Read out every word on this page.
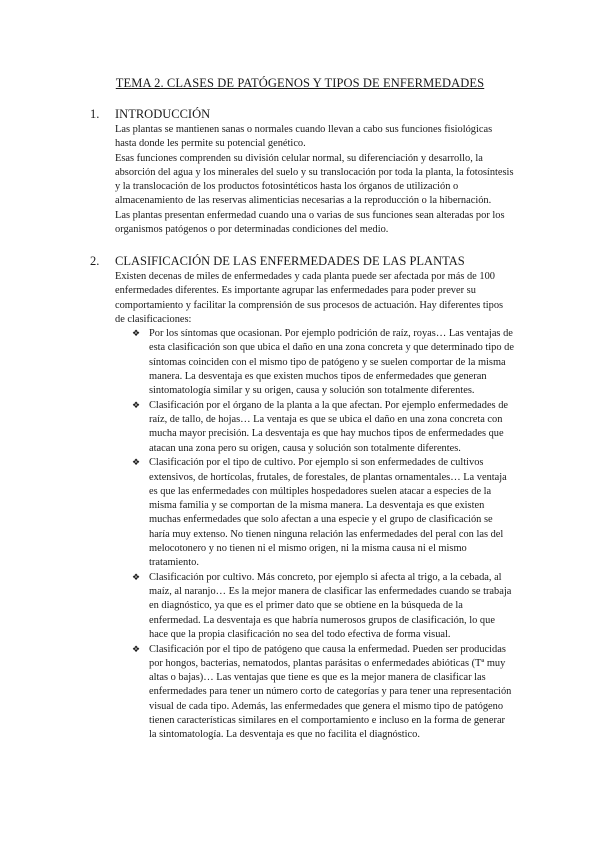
TEMA 2. CLASES DE PATÓGENOS Y TIPOS DE ENFERMEDADES
1.	INTRODUCCIÓN

Las plantas se mantienen sanas o normales cuando llevan a cabo sus funciones fisiológicas hasta donde les permite su potencial genético.

Esas funciones comprenden su división celular normal, su diferenciación y desarrollo, la absorción del agua y los minerales del suelo y su translocación por toda la planta, la fotosíntesis y la translocación de los productos fotosintéticos hasta los órganos de utilización o almacenamiento de las reservas alimenticias necesarias a la reproducción o la hibernación.

Las plantas presentan enfermedad cuando una o varias de sus funciones sean alteradas por los organismos patógenos o por determinadas condiciones del medio.

2.	CLASIFICACIÓN DE LAS ENFERMEDADES DE LAS PLANTAS

Existen decenas de miles de enfermedades y cada planta puede ser afectada por más de 100 enfermedades diferentes. Es importante agrupar las enfermedades para poder prever su comportamiento y facilitar la comprensión de sus procesos de actuación. Hay diferentes tipos de clasificaciones:

❖ Por los síntomas que ocasionan. Por ejemplo podrición de raíz, royas… Las ventajas de esta clasificación son que ubica el daño en una zona concreta y que determinado tipo de síntomas coinciden con el mismo tipo de patógeno y se suelen comportar de la misma manera. La desventaja es que existen muchos tipos de enfermedades que generan sintomatología similar y su origen, causa y solución son totalmente diferentes.
❖ Clasificación por el órgano de la planta a la que afectan. Por ejemplo enfermedades de raíz, de tallo, de hojas… La ventaja es que se ubica el daño en una zona concreta con mucha mayor precisión. La desventaja es que hay muchos tipos de enfermedades que atacan una zona pero su origen, causa y solución son totalmente diferentes.
❖ Clasificación por el tipo de cultivo. Por ejemplo si son enfermedades de cultivos extensivos, de hortícolas, frutales, de forestales, de plantas ornamentales… La ventaja es que las enfermedades con múltiples hospedadores suelen atacar a especies de la misma familia y se comportan de la misma manera. La desventaja es que existen muchas enfermedades que solo afectan a una especie y el grupo de clasificación se haría muy extenso. No tienen ninguna relación las enfermedades del peral con las del melocotonero y no tienen ni el mismo origen, ni la misma causa ni el mismo tratamiento.
❖ Clasificación por cultivo. Más concreto, por ejemplo si afecta al trigo, a la cebada, al maíz, al naranjo… Es la mejor manera de clasificar las enfermedades cuando se trabaja en diagnóstico, ya que es el primer dato que se obtiene en la búsqueda de la enfermedad. La desventaja es que habría numerosos grupos de clasificación, lo que hace que la propia clasificación no sea del todo efectiva de forma visual.
❖ Clasificación por el tipo de patógeno que causa la enfermedad. Pueden ser producidas por hongos, bacterias, nematodos, plantas parásitas o enfermedades abióticas (Tª muy altas o bajas)… Las ventajas que tiene es que es la mejor manera de clasificar las enfermedades para tener un número corto de categorías y para tener una representación visual de cada tipo. Además, las enfermedades que genera el mismo tipo de patógeno tienen características similares en el comportamiento e incluso en la forma de generar la sintomatología. La desventaja es que no facilita el diagnóstico.
